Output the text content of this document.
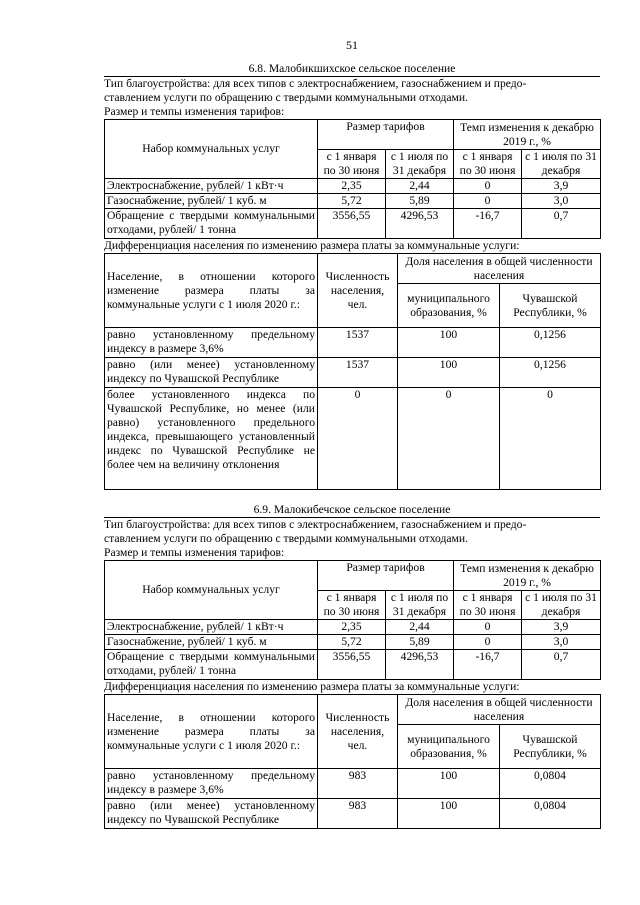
51
6.8. Малобикшихское сельское поселение
Тип благоустройства: для всех типов с электроснабжением, газоснабжением и предо-
ставлением услуги по обращению с твердыми коммунальными отходами.
Размер и темпы изменения тарифов:
Набор коммунальных услуг	Размер тарифов		Темп изменения к декабрю 2019 г., %	
	с 1 января по 30 июня	с 1 июля по 31 декабря	с 1 января по 30 июня	с 1 июля по 31 декабря
Электроснабжение, рублей/ 1 кВт·ч	2,35	2,44	0	3,9
Газоснабжение, рублей/ 1 куб. м	5,72	5,89	0	3,0
Обращение с твердыми коммунальными отходами, рублей/ 1 тонна	3556,55	4296,53	-16,7	0,7
Дифференциация населения по изменению размера платы за коммунальные услуги:
Население, в отношении которого изменение размера платы за коммунальные услуги с 1 июля 2020 г.:	Численность населения, чел.	Доля населения в общей численности населения	
		муниципального образования, %	Чувашской Республики, %
равно установленному предельному индексу в размере 3,6%	1537	100	0,1256
равно (или менее) установленному индексу по Чувашской Республике	1537	100	0,1256
более установленного индекса по Чувашской Республике, но менее (или равно) установленного предельного индекса, превышающего установленный индекс по Чувашской Республике не более чем на величину отклонения	0	0	0
6.9. Малокибечское сельское поселение
Тип благоустройства: для всех типов с электроснабжением, газоснабжением и предо-
ставлением услуги по обращению с твердыми коммунальными отходами.
Размер и темпы изменения тарифов:
Набор коммунальных услуг	Размер тарифов		Темп изменения к декабрю 2019 г., %	
	с 1 января по 30 июня	с 1 июля по 31 декабря	с 1 января по 30 июня	с 1 июля по 31 декабря
Электроснабжение, рублей/ 1 кВт·ч	2,35	2,44	0	3,9
Газоснабжение, рублей/ 1 куб. м	5,72	5,89	0	3,0
Обращение с твердыми коммунальными отходами, рублей/ 1 тонна	3556,55	4296,53	-16,7	0,7
Дифференциация населения по изменению размера платы за коммунальные услуги:
Население, в отношении которого изменение размера платы за коммунальные услуги с 1 июля 2020 г.:	Численность населения, чел.	Доля населения в общей численности населения	
		муниципального образования, %	Чувашской Республики, %
равно установленному предельному индексу в размере 3,6%	983	100	0,0804
равно (или менее) установленному индексу по Чувашской Республике	983	100	0,0804
